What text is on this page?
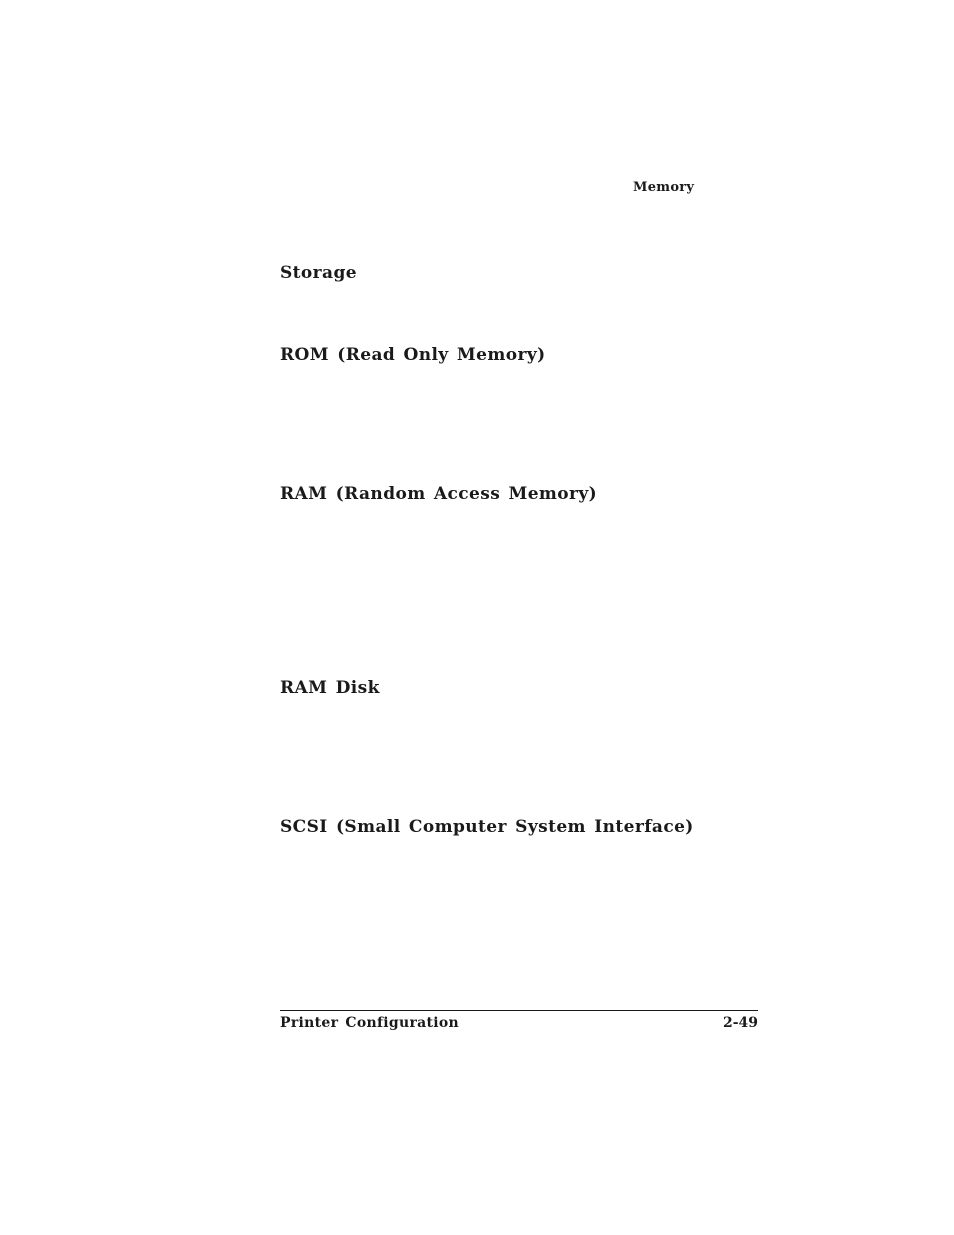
Memory
Storage
ROM (Read Only Memory)
RAM (Random Access Memory)
RAM Disk
SCSI (Small Computer System Interface)
Printer Configuration	2-49
